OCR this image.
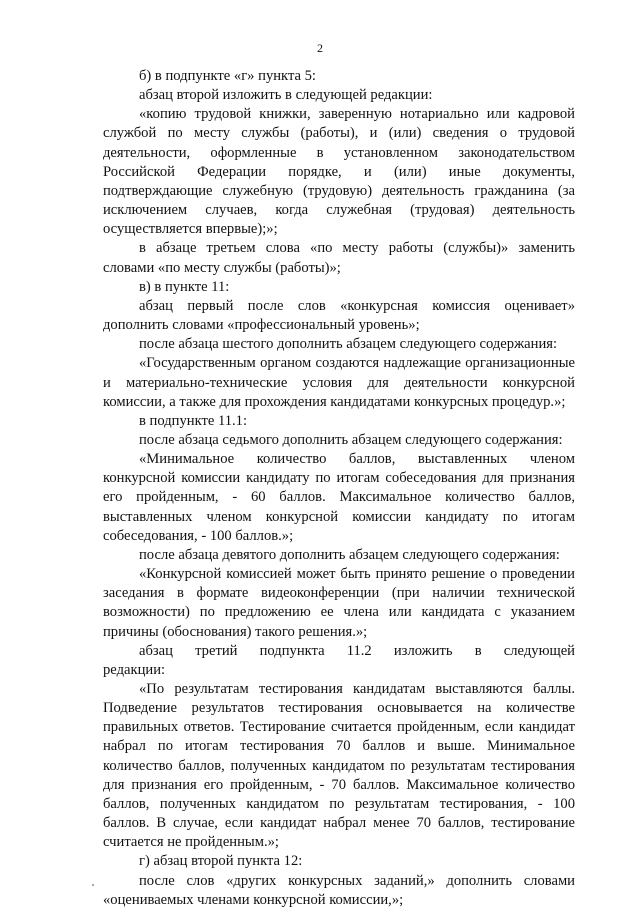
2

б) в подпункте «г» пункта 5:

абзац второй изложить в следующей редакции:

«копию трудовой книжки, заверенную нотариально или кадровой службой по месту службы (работы), и (или) сведения о трудовой деятельности, оформленные в установленном законодательством Российской Федерации порядке, и (или) иные документы, подтверждающие служебную (трудовую) деятельность гражданина (за исключением случаев, когда служебная (трудовая) деятельность осуществляется впервые);»;

в абзаце третьем слова «по месту работы (службы)» заменить словами «по месту службы (работы)»;

в) в пункте 11:

абзац первый после слов «конкурсная комиссия оценивает» дополнить словами «профессиональный уровень»;

после абзаца шестого дополнить абзацем следующего содержания:

«Государственным органом создаются надлежащие организационные и материально-технические условия для деятельности конкурсной комиссии, а также для прохождения кандидатами конкурсных процедур.»;

в подпункте 11.1:

после абзаца седьмого дополнить абзацем следующего содержания:

«Минимальное количество баллов, выставленных членом конкурсной комиссии кандидату по итогам собеседования для признания его пройденным, - 60 баллов. Максимальное количество баллов, выставленных членом конкурсной комиссии кандидату по итогам собеседования, - 100 баллов.»;

после абзаца девятого дополнить абзацем следующего содержания:

«Конкурсной комиссией может быть принято решение о проведении заседания в формате видеоконференции (при наличии технической возможности) по предложению ее члена или кандидата с указанием причины (обоснования) такого решения.»;

абзац третий подпункта 11.2 изложить в следующей

редакции:

«По результатам тестирования кандидатам выставляются баллы. Подведение результатов тестирования основывается на количестве правильных ответов. Тестирование считается пройденным, если кандидат набрал по итогам тестирования 70 баллов и выше. Минимальное количество баллов, полученных кандидатом по результатам тестирования для признания его пройденным, - 70 баллов. Максимальное количество баллов, полученных кандидатом по результатам тестирования, - 100 баллов. В случае, если кандидат набрал менее 70 баллов, тестирование считается не пройденным.»;

г) абзац второй пункта 12:

после слов «других конкурсных заданий,» дополнить словами «оцениваемых членами конкурсной комиссии,»;
